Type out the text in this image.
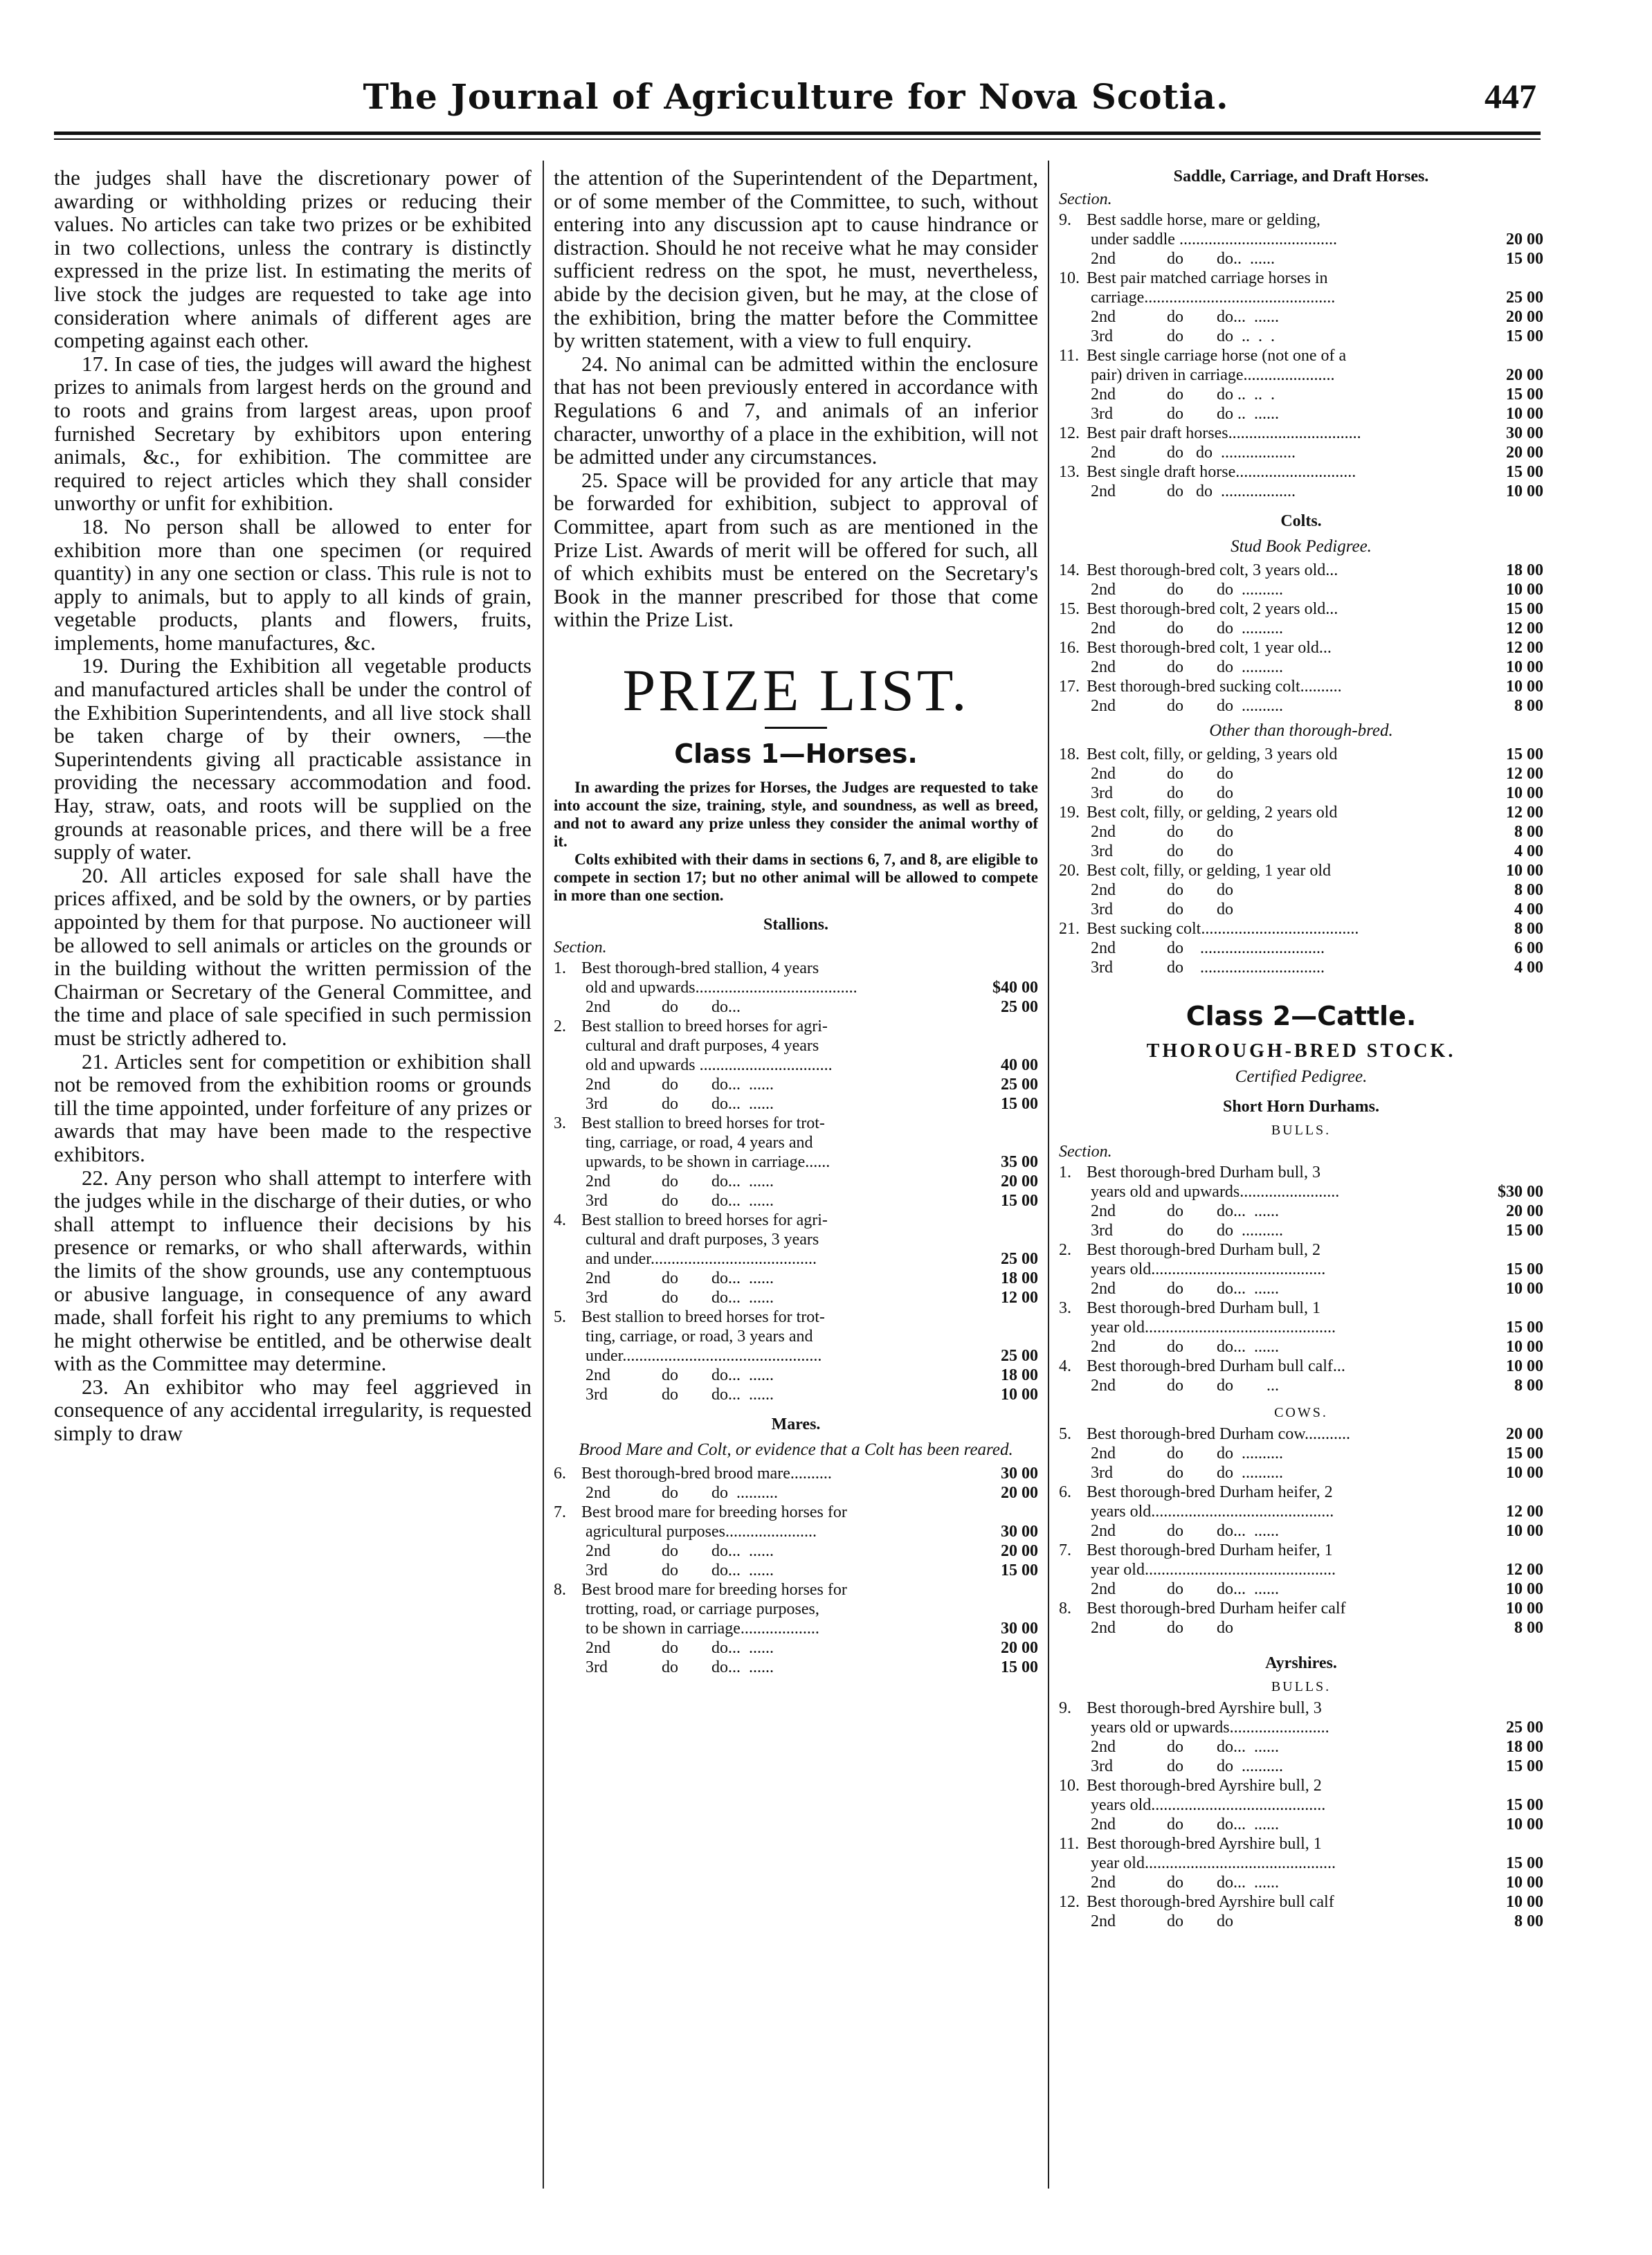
The Journal of Agriculture for Nova Scotia.	447

the judges shall have the discretionary power of awarding or withholding prizes or reducing their values. No articles can take two prizes or be exhibited in two collections, unless the contrary is distinctly expressed in the prize list. In estimating the merits of live stock the judges are requested to take age into consideration where animals of different ages are competing against each other.

17. In case of ties, the judges will award the highest prizes to animals from largest herds on the ground and to roots and grains from largest areas, upon proof furnished Secretary by exhibitors upon entering animals, &c., for exhibition. The committee are required to reject articles which they shall consider unworthy or unfit for exhibition.

18. No person shall be allowed to enter for exhibition more than one specimen (or required quantity) in any one section or class. This rule is not to apply to animals, but to apply to all kinds of grain, vegetable products, plants and flowers, fruits, implements, home manufactures, &c.

19. During the Exhibition all vegetable products and manufactured articles shall be under the control of the Exhibition Superintendents, and all live stock shall be taken charge of by their owners, —the Superintendents giving all practicable assistance in providing the necessary accommodation and food. Hay, straw, oats, and roots will be supplied on the grounds at reasonable prices, and there will be a free supply of water.

20. All articles exposed for sale shall have the prices affixed, and be sold by the owners, or by parties appointed by them for that purpose. No auctioneer will be allowed to sell animals or articles on the grounds or in the building without the written permission of the Chairman or Secretary of the General Committee, and the time and place of sale specified in such permission must be strictly adhered to.

21. Articles sent for competition or exhibition shall not be removed from the exhibition rooms or grounds till the time appointed, under forfeiture of any prizes or awards that may have been made to the respective exhibitors.

22. Any person who shall attempt to interfere with the judges while in the discharge of their duties, or who shall attempt to influence their decisions by his presence or remarks, or who shall afterwards, within the limits of the show grounds, use any contemptuous or abusive language, in consequence of any award made, shall forfeit his right to any premiums to which he might otherwise be entitled, and be otherwise dealt with as the Committee may determine.

23. An exhibitor who may feel aggrieved in consequence of any accidental irregularity, is requested simply to draw

the attention of the Superintendent of the Department, or of some member of the Committee, to such, without entering into any discussion apt to cause hindrance or distraction. Should he not receive what he may consider sufficient redress on the spot, he must, nevertheless, abide by the decision given, but he may, at the close of the exhibition, bring the matter before the Committee by written statement, with a view to full enquiry.

24. No animal can be admitted within the enclosure that has not been previously entered in accordance with Regulations 6 and 7, and animals of an inferior character, unworthy of a place in the exhibition, will not be admitted under any circumstances.

25. Space will be provided for any article that may be forwarded for exhibition, subject to approval of Committee, apart from such as are mentioned in the Prize List. Awards of merit will be offered for such, all of which exhibits must be entered on the Secretary's Book in the manner prescribed for those that come within the Prize List.

PRIZE LIST.
Class 1—Horses.

In awarding the prizes for Horses, the Judges are requested to take into account the size, training, style, and soundness, as well as breed, and not to award any prize unless they consider the animal worthy of it.

Colts exhibited with their dams in sections 6, 7, and 8, are eligible to compete in section 17; but no other animal will be allowed to compete in more than one section.

Stallions.
Section.
1. Best thorough-bred stallion, 4 years
old and upwards.......................................	$40 00
2nd	do        do...	25 00
2. Best stallion to breed horses for agri-
cultural and draft purposes, 4 years
old and upwards ................................	40 00
2nd	do        do...  ......	25 00
3rd	do        do...  ......	15 00
3. Best stallion to breed horses for trot-
ting, carriage, or road, 4 years and
upwards, to be shown in carriage......	35 00
2nd	do        do...  ......	20 00
3rd	do        do...  ......	15 00
4. Best stallion to breed horses for agri-
cultural and draft purposes, 3 years
and under........................................	25 00
2nd	do        do...  ......	18 00
3rd	do        do...  ......	12 00
5. Best stallion to breed horses for trot-
ting, carriage, or road, 3 years and
under................................................	25 00
2nd	do        do...  ......	18 00
3rd	do        do...  ......	10 00
Mares.
Brood Mare and Colt, or evidence that a Colt has been reared.
6. Best thorough-bred brood mare..........	30 00
2nd	do        do  ..........	20 00
7. Best brood mare for breeding horses for
agricultural purposes......................	30 00
2nd	do        do...  ......	20 00
3rd	do        do...  ......	15 00
8. Best brood mare for breeding horses for
trotting, road, or carriage purposes,
to be shown in carriage...................	30 00
2nd	do        do...  ......	20 00
3rd	do        do...  ......	15 00
Saddle, Carriage, and Draft Horses.
Section.
9. Best saddle horse, mare or gelding,
under saddle ......................................	20 00
2nd	do        do..  ......	15 00
10. Best pair matched carriage horses in
carriage..............................................	25 00
2nd	do        do...  ......	20 00
3rd	do        do  ..  .  .	15 00
11. Best single carriage horse (not one of a
pair) driven in carriage......................	20 00
2nd	do        do ..  ..  .	15 00
3rd	do        do ..  ......	10 00
12. Best pair draft horses................................	30 00
2nd	do   do  ..................	20 00
13. Best single draft horse.............................	15 00
2nd	do   do  ..................	10 00
Colts.
Stud Book Pedigree.
14. Best thorough-bred colt, 3 years old...	18 00
2nd	do        do  ..........	10 00
15. Best thorough-bred colt, 2 years old...	15 00
2nd	do        do  ..........	12 00
16. Best thorough-bred colt, 1 year old...	12 00
2nd	do        do  ..........	10 00
17. Best thorough-bred sucking colt..........	10 00
2nd	do        do  ..........	8 00
Other than thorough-bred.
18. Best colt, filly, or gelding, 3 years old	15 00
2nd	do        do	12 00
3rd	do        do	10 00
19. Best colt, filly, or gelding, 2 years old	12 00
2nd	do        do	8 00
3rd	do        do	4 00
20. Best colt, filly, or gelding, 1 year old	10 00
2nd	do        do	8 00
3rd	do        do	4 00
21. Best sucking colt......................................	8 00
2nd	do    ..............................	6 00
3rd	do    ..............................	4 00
Class 2—Cattle.
THOROUGH-BRED STOCK.
Certified Pedigree.
Short Horn Durhams.
BULLS.
Section.
1. Best thorough-bred Durham bull, 3
years old and upwards........................	$30 00
2nd	do        do...  ......	20 00
3rd	do        do  ..........	15 00
2. Best thorough-bred Durham bull, 2
years old..........................................	15 00
2nd	do        do...  ......	10 00
3. Best thorough-bred Durham bull, 1
year old..............................................	15 00
2nd	do        do...  ......	10 00
4. Best thorough-bred Durham bull calf...	10 00
2nd	do        do        ...	8 00
COWS.
5. Best thorough-bred Durham cow...........	20 00
2nd	do        do  ..........	15 00
3rd	do        do  ..........	10 00
6. Best thorough-bred Durham heifer, 2
years old............................................	12 00
2nd	do        do...  ......	10 00
7. Best thorough-bred Durham heifer, 1
year old..............................................	12 00
2nd	do        do...  ......	10 00
8. Best thorough-bred Durham heifer calf	10 00
2nd	do        do	8 00
Ayrshires.
BULLS.
9. Best thorough-bred Ayrshire bull, 3
years old or upwards........................	25 00
2nd	do        do...  ......	18 00
3rd	do        do  ..........	15 00
10. Best thorough-bred Ayrshire bull, 2
years old..........................................	15 00
2nd	do        do...  ......	10 00
11. Best thorough-bred Ayrshire bull, 1
year old..............................................	15 00
2nd	do        do...  ......	10 00
12. Best thorough-bred Ayrshire bull calf	10 00
2nd	do        do	8 00
